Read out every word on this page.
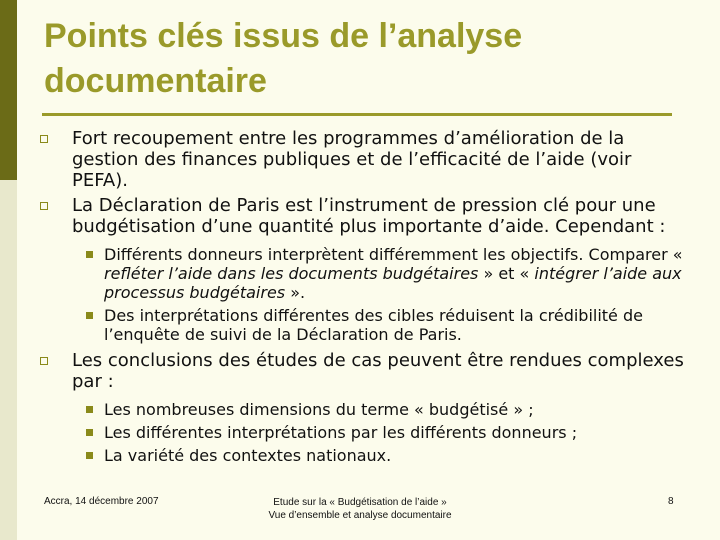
Points clés issus de l’analyse documentaire
Fort recoupement entre les programmes d’amélioration de la gestion des finances publiques et de l’efficacité de l’aide (voir PEFA).
La Déclaration de Paris est l’instrument de pression clé pour une budgétisation d’une quantité plus importante d’aide. Cependant :
Différents donneurs interprètent différemment les objectifs. Comparer « refléter l’aide dans les documents budgétaires » et « intégrer l’aide aux processus budgétaires ».
Des interprétations différentes des cibles réduisent la crédibilité de l’enquête de suivi de la Déclaration de Paris.
Les conclusions des études de cas peuvent être rendues complexes par :
Les nombreuses dimensions du terme « budgétisé » ;
Les différentes interprétations par les différents donneurs ;
La variété des contextes nationaux.
Accra, 14 décembre 2007	Etude sur la « Budgétisation de l’aide »
Vue d’ensemble et analyse documentaire
8
